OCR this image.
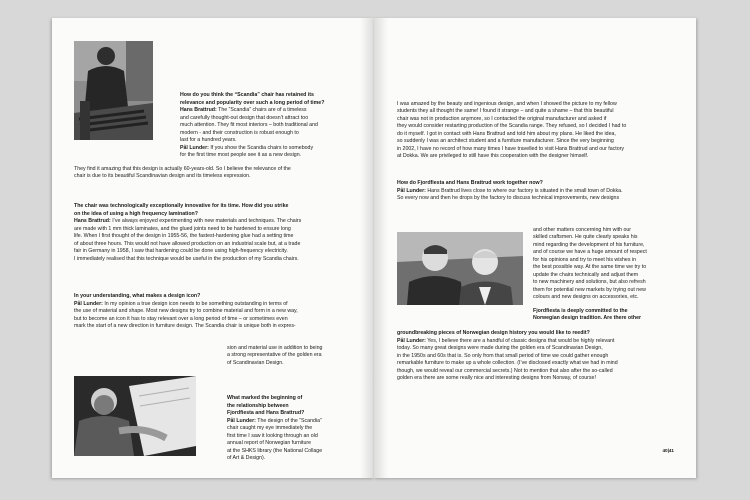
How do you think the “Scandia” chair has retained its
relevance and popularity over such a long period of time?
Hans Brattrud: The “Scandia” chairs are of a timeless
and carefully thought-out design that doesn’t attract too
much attention. They fit most interiors – both traditional and
modern - and their construction is robust enough to
last for a hundred years.
Pål Lunder: If you show the Scandia chairs to somebody
for the first time most people see it as a new design.

They find it amazing that this design is actually 60-years-old. So I believe the relevance of the
chair is due to its beautiful Scandinavian design and its timeless expression.

The chair was technologically exceptionally innovative for its time. How did you strike
on the idea of using a high frequency lamination?
Hans Brattrud: I’ve always enjoyed experimenting with new materials and techniques. The chairs
are made with 1 mm thick laminates, and the glued joints need to be hardened to ensure long
life. When I first thought of the design in 1955-56, the fastest-hardening glue had a setting time
of about three hours. This would not have allowed production on an industrial scale but, at a trade
fair in Germany in 1958, I saw that hardening could be done using high-frequency electricity.
I immediately realised that this technique would be useful in the production of my Scandia chairs.

In your understanding, what makes a design icon?
Pål Lunder: In my opinion a true design icon needs to be something outstanding in terms of
the use of material and shape. Most new designs try to combine material and form in a new way,
but to become an icon it has to stay relevant over a long period of time – or sometimes even
mark the start of a new direction in furniture design. The Scandia chair is unique both in expres-

sion and material use in addition to being
a strong representative of the golden era
of Scandinavian Design.

What marked the beginning of
the relationship between
Fjordfiesta and Hans Brattrud?
Pål Lunder: The design of the “Scandia”
chair caught my eye immediately the
first time I saw it looking through an old
annual report of Norwegian furniture
at the SHKS library (the National Collage
of Art & Design).

I was amazed by the beauty and ingenious design, and when I showed the picture to my fellow
students they all thought the same! I found it strange – and quite a shame – that this beautiful
chair was not in production anymore, so I contacted the original manufacturer and asked if
they would consider restarting production of the Scandia range. They refused, so I decided I had to
do it myself. I got in contact with Hans Brattrud and told him about my plans. He liked the idea,
so suddenly I was an architect student and a furniture manufacturer. Since the very beginning
in 2002, I have no record of how many times I have travelled to visit Hans Brattrud and our factory
at Dokka. We are privileged to still have this cooperation with the designer himself.

How do Fjordfiesta and Hans Brattrud work together now?
Pål Lunder: Hans Brattrud lives close to where our factory is situated in the small town of Dokka.
So every now and then he drops by the factory to discuss technical improvements, new designs

and other matters concerning him with our
skilled craftsmen. He quite clearly speaks his
mind regarding the development of his furniture,
and of course we have a huge amount of respect
for his opinions and try to meet his wishes in
the best possible way. At the same time we try to
update the chairs technically and adjust them
to new machinery and solutions, but also refresh
them for potential new markets by trying out new
colours and new designs on accessories, etc.

Fjordfiesta is deeply committed to the
Norwegian design tradition. Are there other

groundbreaking pieces of Norwegian design history you would like to reedit?
Pål Lunder: Yes, I believe there are a handful of classic designs that would be highly relevant
today. So many great designs were made during the golden era of Scandinavian Design,
in the 1950s and 60s that is. So only from that small period of time we could gather enough
remarkable furniture to make up a whole collection. (I’ve disclosed exactly what we had in mind
though, we would reveal our commercial secrets.) Not to mention that also after the so-called
golden era there are some really nice and interesting designs from Norway, of course!

40|41
